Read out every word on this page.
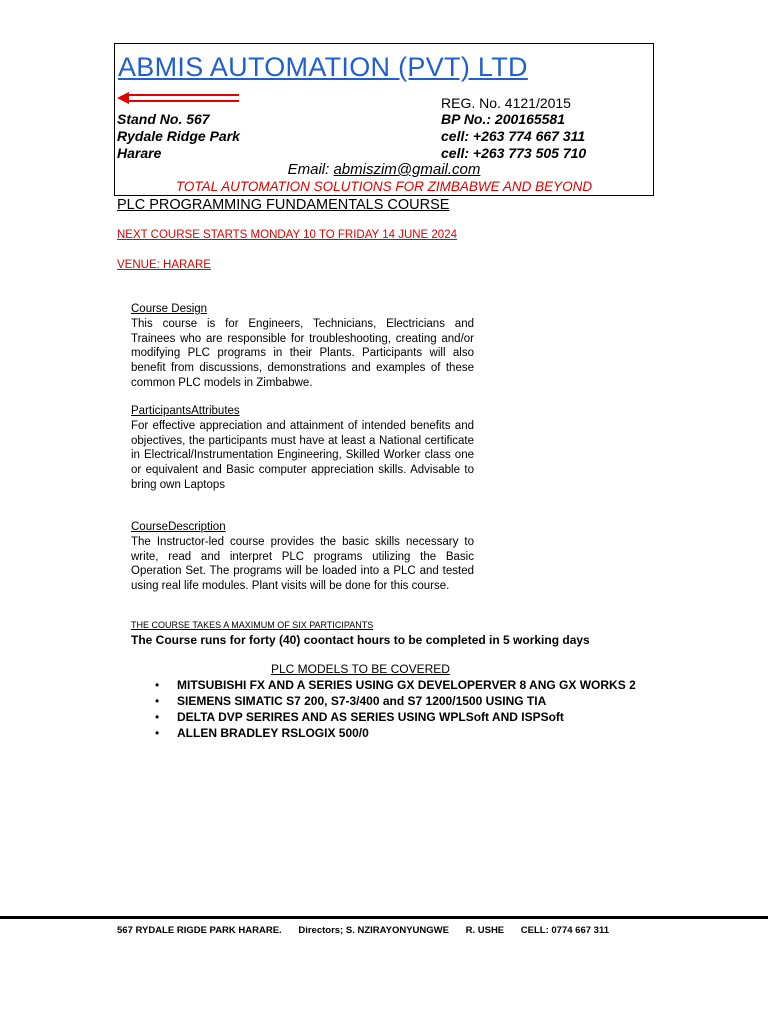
ABMIS AUTOMATION (PVT) LTD
Stand No. 567
Rydale Ridge Park
Harare
REG. No. 4121/2015
BP No.: 200165581
cell: +263 774 667 311
cell: +263 773 505 710
Email: abmiszim@gmail.com
TOTAL AUTOMATION SOLUTIONS FOR ZIMBABWE AND BEYOND
PLC PROGRAMMING FUNDAMENTALS COURSE
NEXT COURSE STARTS MONDAY 10 TO FRIDAY 14 JUNE 2024
VENUE: HARARE

Course Design

This course is for Engineers, Technicians, Electricians and Trainees who are responsible for troubleshooting, creating and/or modifying PLC programs in their Plants. Participants will also benefit from discussions, demonstrations and examples of these common PLC models in Zimbabwe.

ParticipantsAttributes

For effective appreciation and attainment of intended benefits and objectives, the participants must have at least a National certificate in Electrical/Instrumentation Engineering, Skilled Worker class one or equivalent and Basic computer appreciation skills. Advisable to bring own Laptops

CourseDescription

The Instructor-led course provides the basic skills necessary to write, read and interpret PLC programs utilizing the Basic Operation Set. The programs will be loaded into a PLC and tested using real life modules. Plant visits will be done for this course.

THE COURSE TAKES A MAXIMUM OF SIX PARTICIPANTS
The Course runs for forty (40) coontact hours to be completed in 5 working days
PLC MODELS TO BE COVERED
• MITSUBISHI FX AND A SERIES USING GX DEVELOPERVER 8 ANG GX WORKS 2
• SIEMENS SIMATIC S7 200, S7-3/400 and S7 1200/1500 USING TIA
• DELTA DVP SERIRES AND AS SERIES USING WPLSoft AND ISPSoft
• ALLEN BRADLEY RSLOGIX 500/0
567 RYDALE RIGDE PARK HARARE. Directors; S. NZIRAYONYUNGWE R. USHE CELL: 0774 667 311
